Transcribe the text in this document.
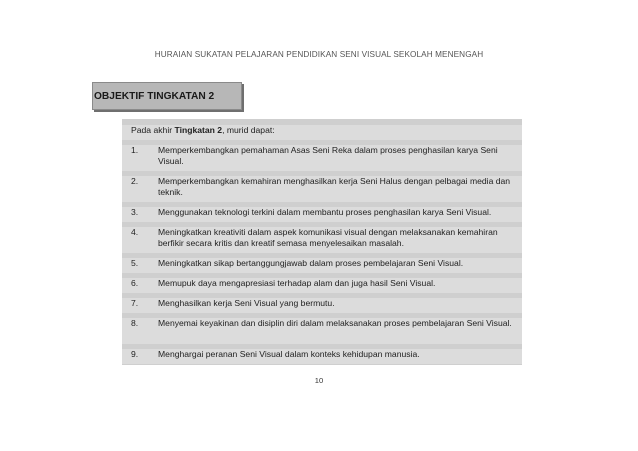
HURAIAN SUKATAN PELAJARAN PENDIDIKAN SENI VISUAL SEKOLAH MENENGAH
OBJEKTIF TINGKATAN 2
Pada akhir Tingkatan 2, murid dapat:
1. Memperkembangkan pemahaman Asas Seni Reka dalam proses penghasilan karya Seni Visual.
2. Memperkembangkan kemahiran menghasilkan kerja Seni Halus dengan pelbagai media dan teknik.
3. Menggunakan teknologi terkini dalam membantu proses penghasilan karya Seni Visual.
4. Meningkatkan kreativiti dalam aspek komunikasi visual dengan melaksanakan kemahiran berfikir secara kritis dan kreatif semasa menyelesaikan masalah.
5. Meningkatkan sikap bertanggungjawab dalam proses pembelajaran Seni Visual.
6. Memupuk daya mengapresiasi terhadap alam dan juga hasil Seni Visual.
7. Menghasilkan kerja Seni Visual yang bermutu.
8. Menyemai keyakinan dan disiplin diri dalam melaksanakan proses pembelajaran Seni Visual.
9. Menghargai peranan Seni Visual dalam konteks kehidupan manusia.
10
